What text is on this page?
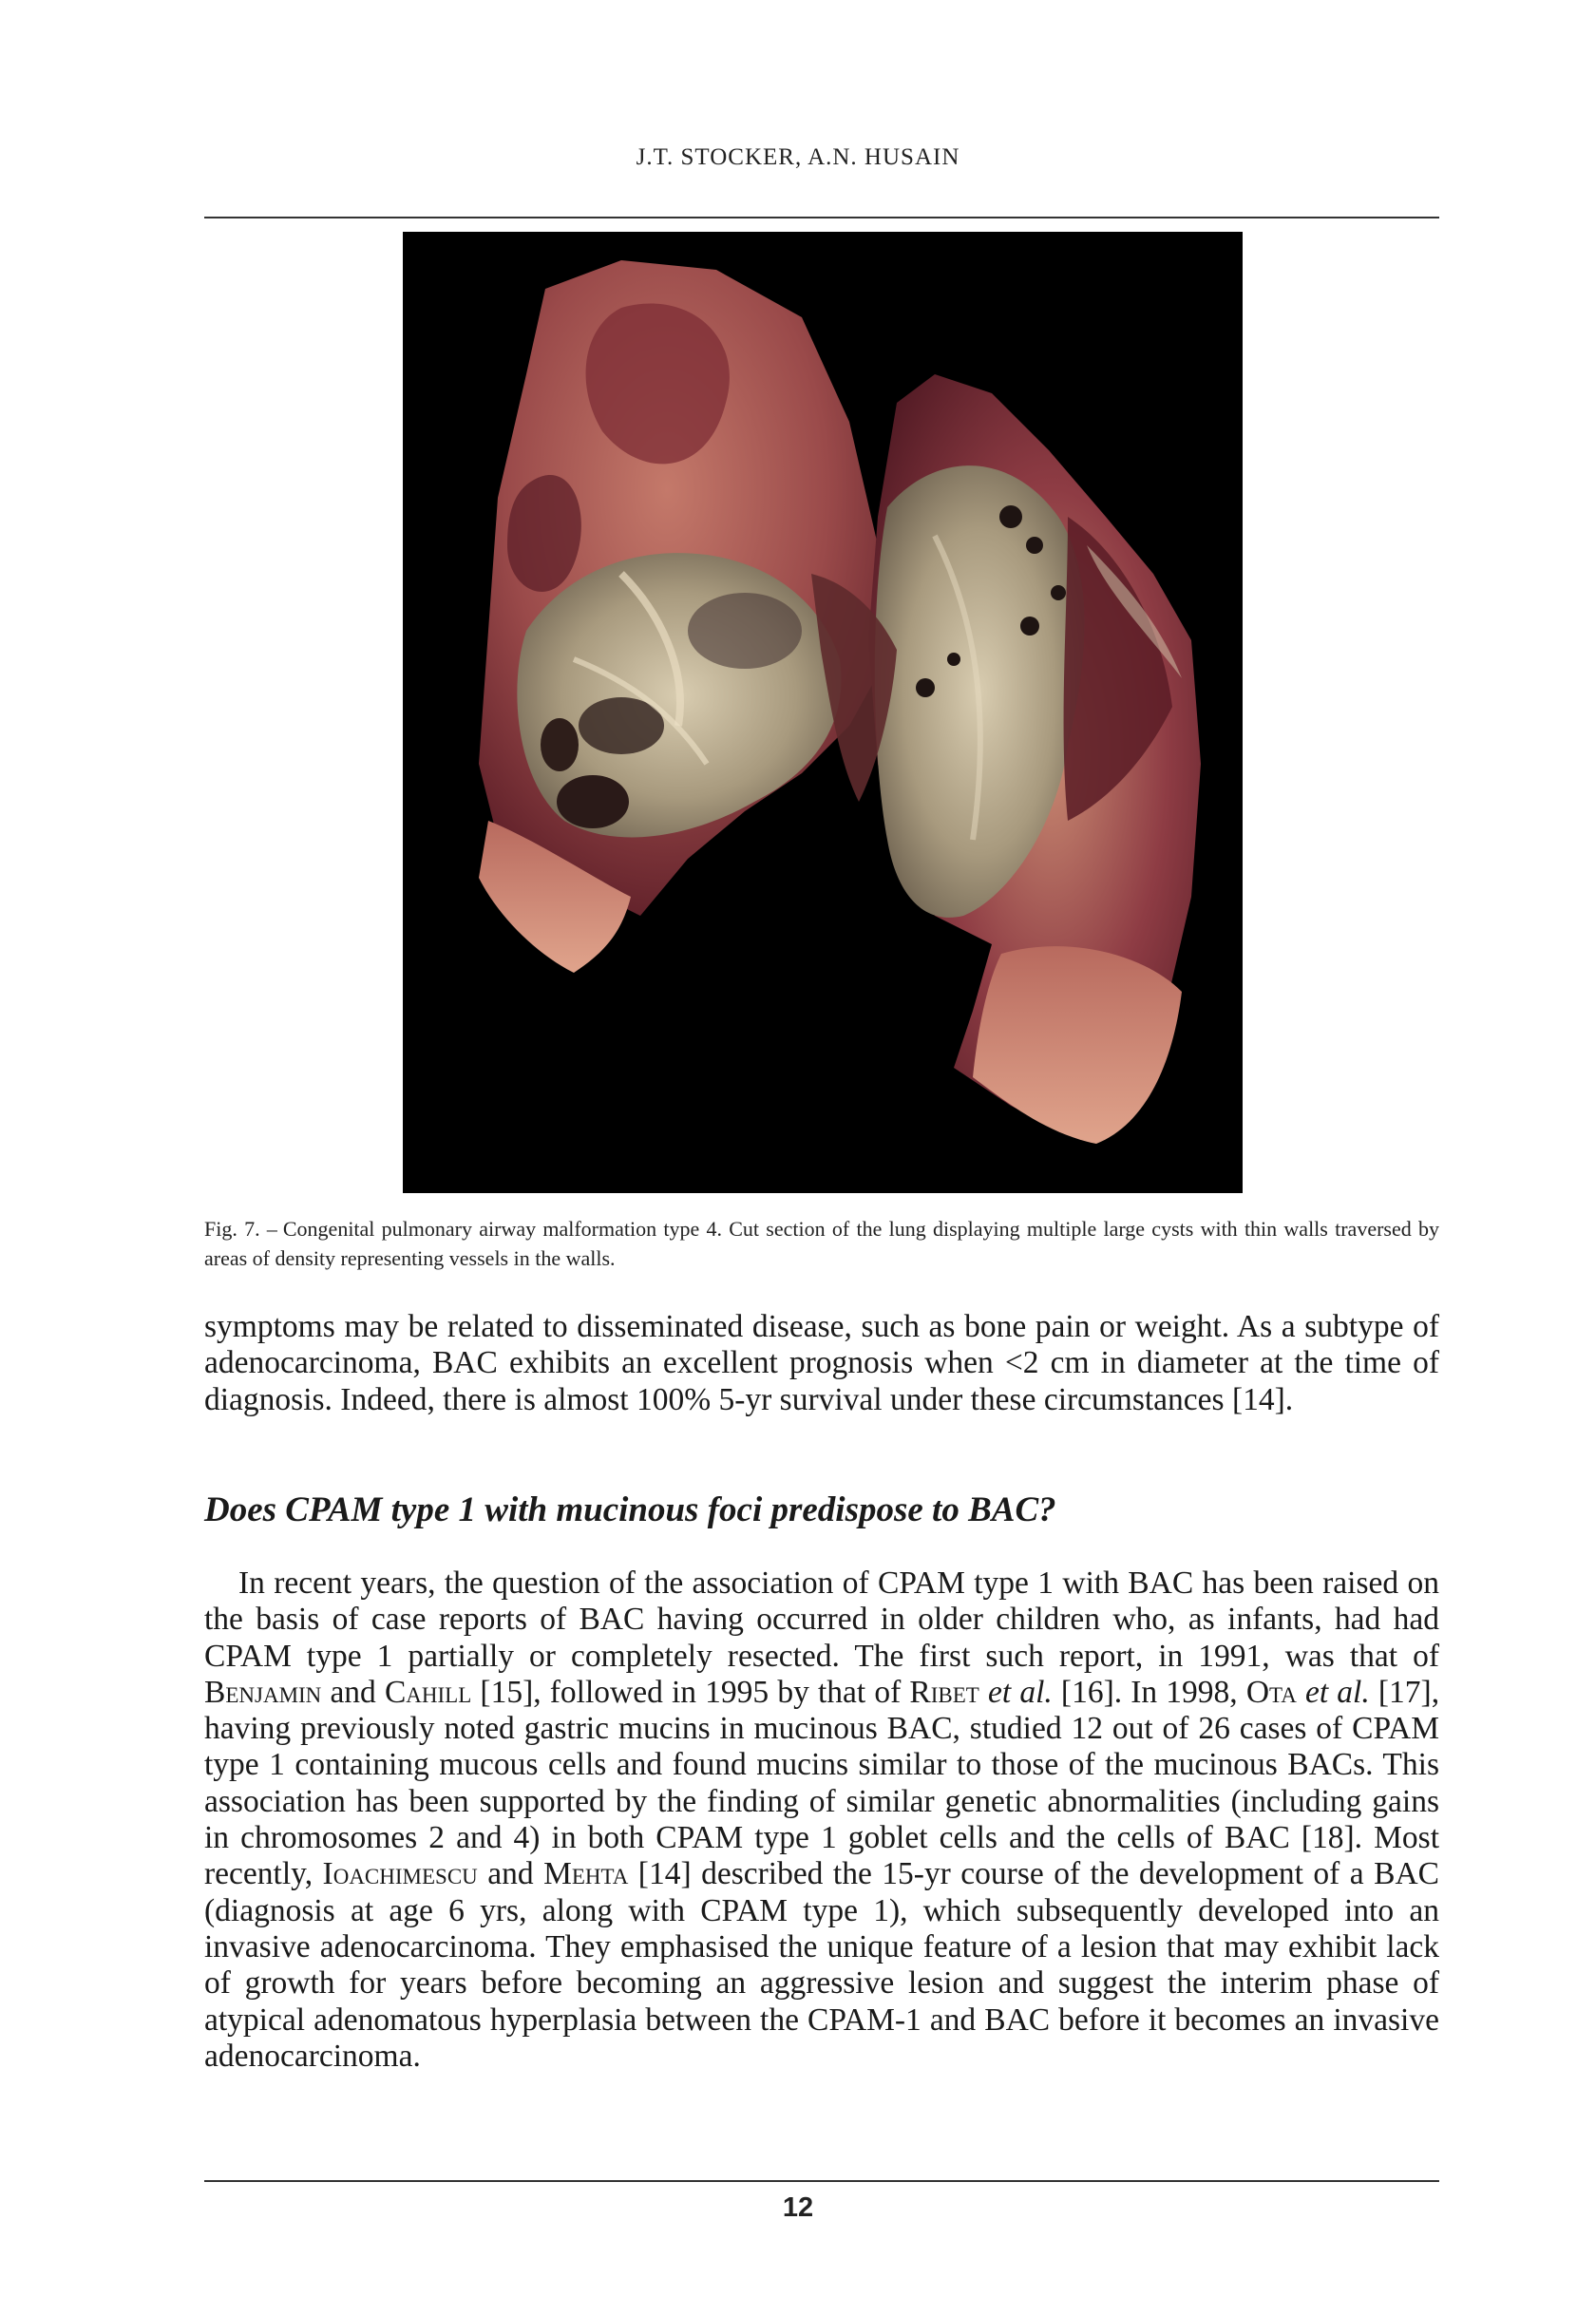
J.T. STOCKER, A.N. HUSAIN
Fig. 7. – Congenital pulmonary airway malformation type 4. Cut section of the lung displaying multiple large cysts with thin walls traversed by areas of density representing vessels in the walls.

symptoms may be related to disseminated disease, such as bone pain or weight. As a subtype of adenocarcinoma, BAC exhibits an excellent prognosis when <2 cm in diameter at the time of diagnosis. Indeed, there is almost 100% 5-yr survival under these circumstances [14].

Does CPAM type 1 with mucinous foci predispose to BAC?

In recent years, the question of the association of CPAM type 1 with BAC has been raised on the basis of case reports of BAC having occurred in older children who, as infants, had had CPAM type 1 partially or completely resected. The first such report, in 1991, was that of Benjamin and Cahill [15], followed in 1995 by that of Ribet et al. [16]. In 1998, Ota et al. [17], having previously noted gastric mucins in mucinous BAC, studied 12 out of 26 cases of CPAM type 1 containing mucous cells and found mucins similar to those of the mucinous BACs. This association has been supported by the finding of similar genetic abnormalities (including gains in chromosomes 2 and 4) in both CPAM type 1 goblet cells and the cells of BAC [18]. Most recently, Ioachimescu and Mehta [14] described the 15-yr course of the development of a BAC (diagnosis at age 6 yrs, along with CPAM type 1), which subsequently developed into an invasive adenocarcinoma. They emphasised the unique feature of a lesion that may exhibit lack of growth for years before becoming an aggressive lesion and suggest the interim phase of atypical adenomatous hyperplasia between the CPAM-1 and BAC before it becomes an invasive adenocarcinoma.

12
